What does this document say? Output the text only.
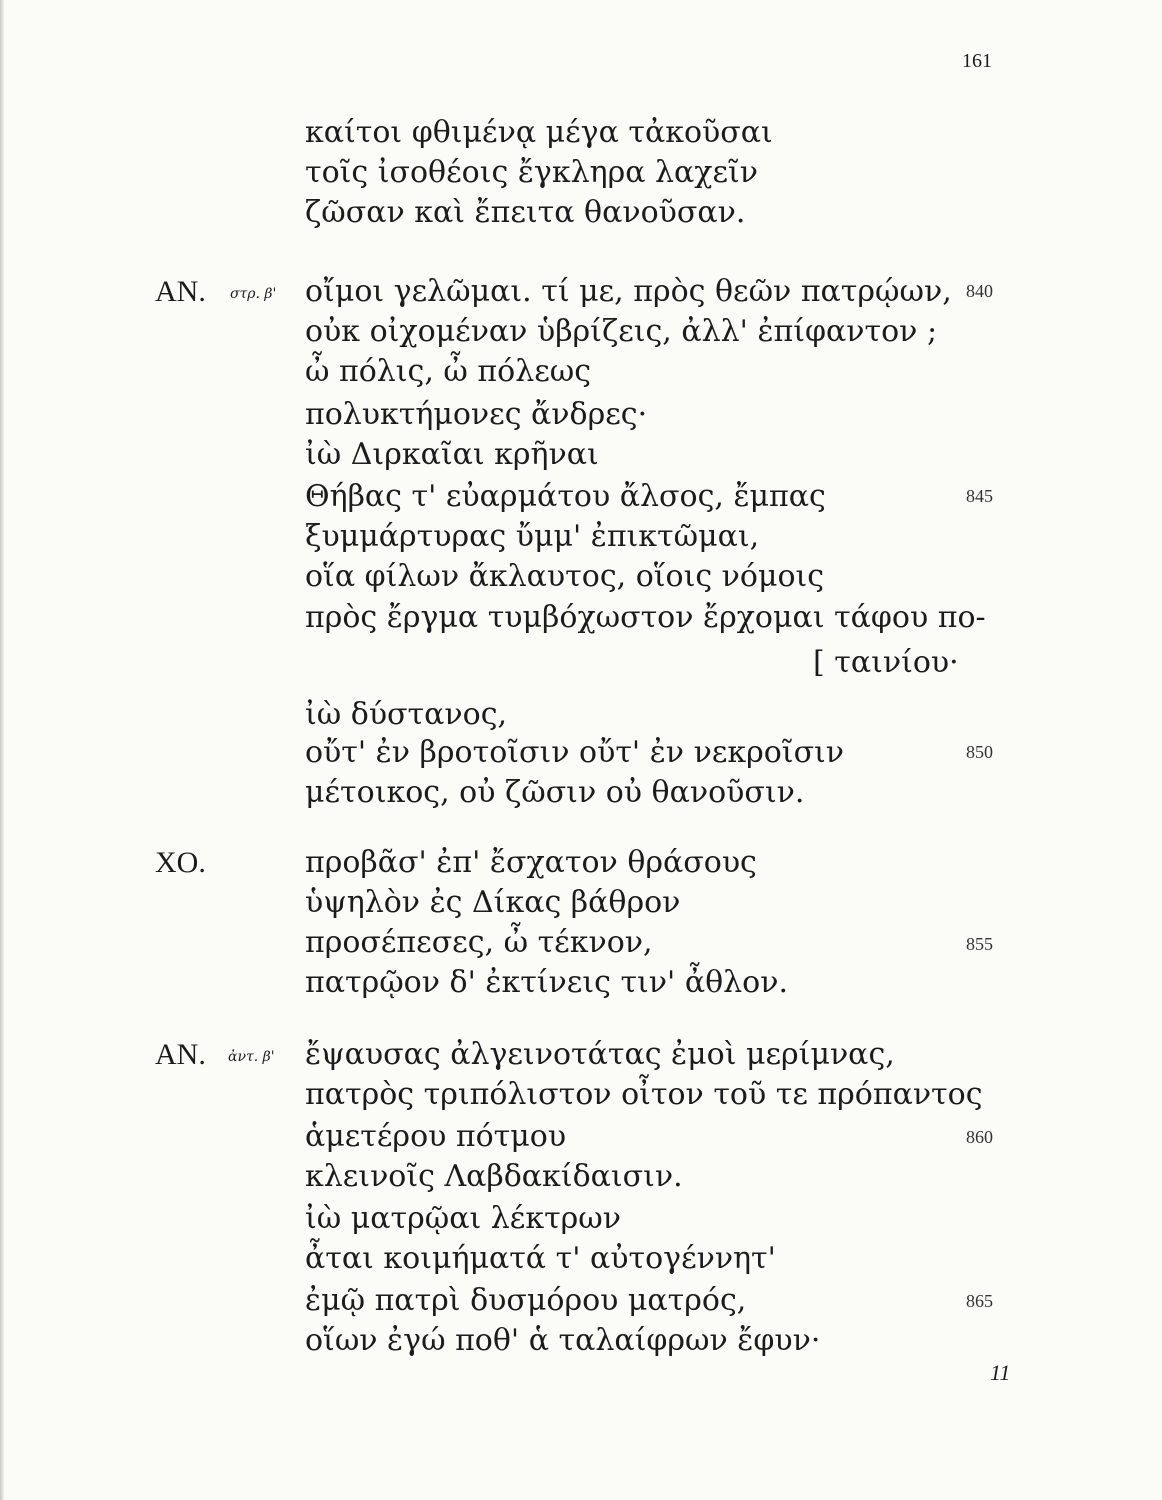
161
καίτοι φθιμένᾳ μέγα τἀκοῦσαι
τοῖς ἰσοθέοις ἔγκληρα λαχεῖν
ζῶσαν καὶ ἔπειτα θανοῦσαν.
ΑΝ. στρ. β' οἴμοι γελῶμαι. τί με, πρὸς θεῶν πατρῴων, 840
οὐκ οἰχομέναν ὑβρίζεις, ἀλλ' ἐπίφαντον ;
ὦ πόλις, ὦ πόλεως
πολυκτήμονες ἄνδρες·
ἰὼ Διρκαῖαι κρῆναι
Θήβας τ' εὐαρμάτου ἄλσος, ἔμπας	845
ξυμμάρτυρας ὔμμ' ἐπικτῶμαι,
οἵα φίλων ἄκλαυτος, οἵοις νόμοις
πρὸς ἔργμα τυμβόχωστον ἔρχομαι τάφου πο-
[ ταινίου·
ἰὼ δύστανος,
οὔτ' ἐν βροτοῖσιν οὔτ' ἐν νεκροῖσιν	850
μέτοικος, οὐ ζῶσιν οὐ θανοῦσιν.
ΧΟ.	προβᾶσ' ἐπ' ἔσχατον θράσους
ὑψηλὸν ἐς Δίκας βάθρον
προσέπεσες, ὦ τέκνον,	855
πατρῷον δ' ἐκτίνεις τιν' ἆθλον.
ΑΝ. ἀντ. β' ἔψαυσας ἀλγεινοτάτας ἐμοὶ μερίμνας,
πατρὸς τριπόλιστον οἶτον τοῦ τε πρόπαντος
ἁμετέρου πότμου	860
κλεινοῖς Λαβδακίδαισιν.
ἰὼ ματρῷαι λέκτρων
ἆται κοιμήματά τ' αὐτογέννητ'
ἐμῷ πατρὶ δυσμόρου ματρός,	865
οἵων ἐγώ ποθ' ἁ ταλαίφρων ἔφυν·
11
